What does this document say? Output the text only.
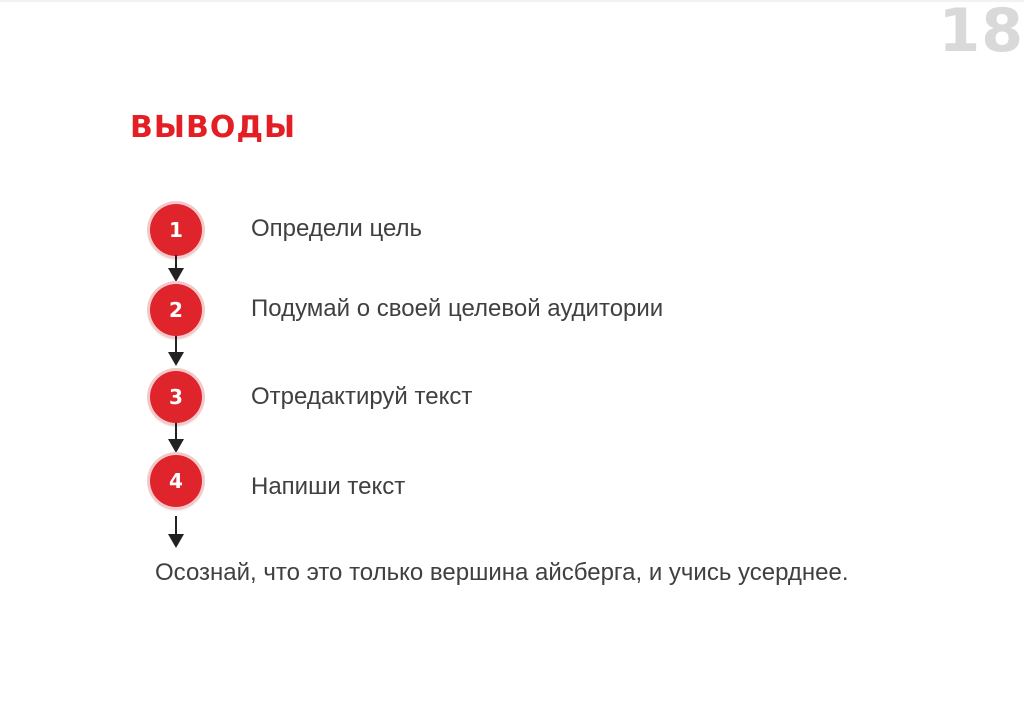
18
ВЫВОДЫ
1	Определи цель
2	Подумай о своей целевой аудитории
3	Отредактируй текст
4	Напиши текст
Осознай, что это только вершина айсберга, и учись усерднее.
